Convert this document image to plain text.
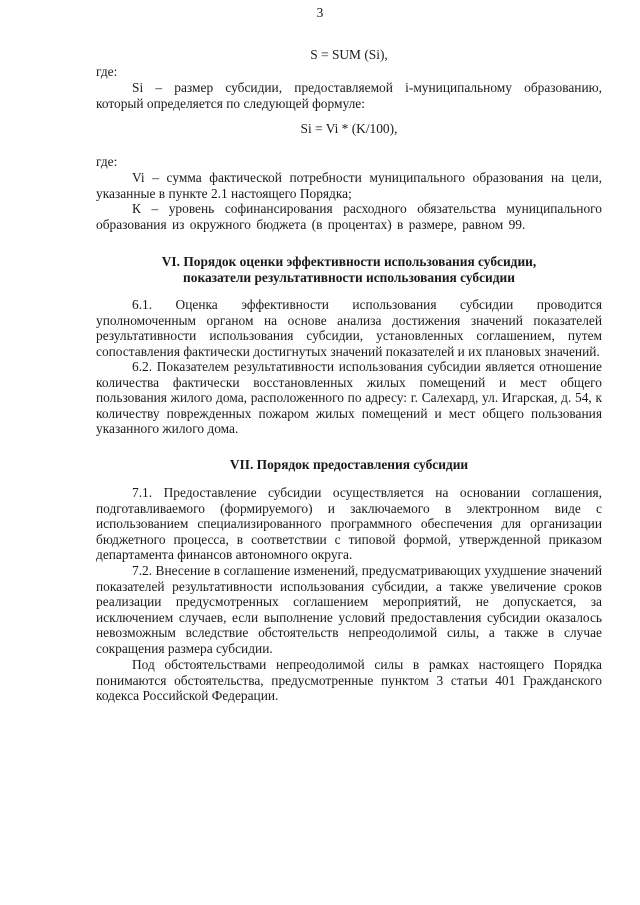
3

S = SUM (Si),

где:

Si – размер субсидии, предоставляемой i-муниципальному образованию,

который определяется по следующей формуле:

Si = Vi * (K/100),

где:

Vi – сумма фактической потребности муниципального образования на цели, указанные в пункте 2.1 настоящего Порядка;

К – уровень софинансирования расходного обязательства муниципального образования из окружного бюджета (в процентах) в размере, равном 99.

VI. Порядок оценки эффективности использования субсидии,

показатели результативности использования субсидии

6.1. Оценка эффективности использования субсидии проводится уполномоченным органом на основе анализа достижения значений показателей результативности использования субсидии, установленных соглашением, путем сопоставления фактически достигнутых значений показателей и их плановых значений.

6.2. Показателем результативности использования субсидии является отношение количества фактически восстановленных жилых помещений и мест общего пользования жилого дома, расположенного по адресу: г. Салехард, ул. Игарская, д. 54, к количеству поврежденных пожаром жилых помещений и мест общего пользования указанного жилого дома.

VII. Порядок предоставления субсидии

7.1. Предоставление субсидии осуществляется на основании соглашения, подготавливаемого (формируемого) и заключаемого в электронном виде с использованием специализированного программного обеспечения для организации бюджетного процесса, в соответствии с типовой формой, утвержденной приказом департамента финансов автономного округа.

7.2. Внесение в соглашение изменений, предусматривающих ухудшение значений показателей результативности использования субсидии, а также увеличение сроков реализации предусмотренных соглашением мероприятий, не допускается, за исключением случаев, если выполнение условий предоставления субсидии оказалось невозможным вследствие обстоятельств непреодолимой силы, а также в случае сокращения размера субсидии.

Под обстоятельствами непреодолимой силы в рамках настоящего Порядка понимаются обстоятельства, предусмотренные пунктом 3 статьи 401 Гражданского кодекса Российской Федерации.
